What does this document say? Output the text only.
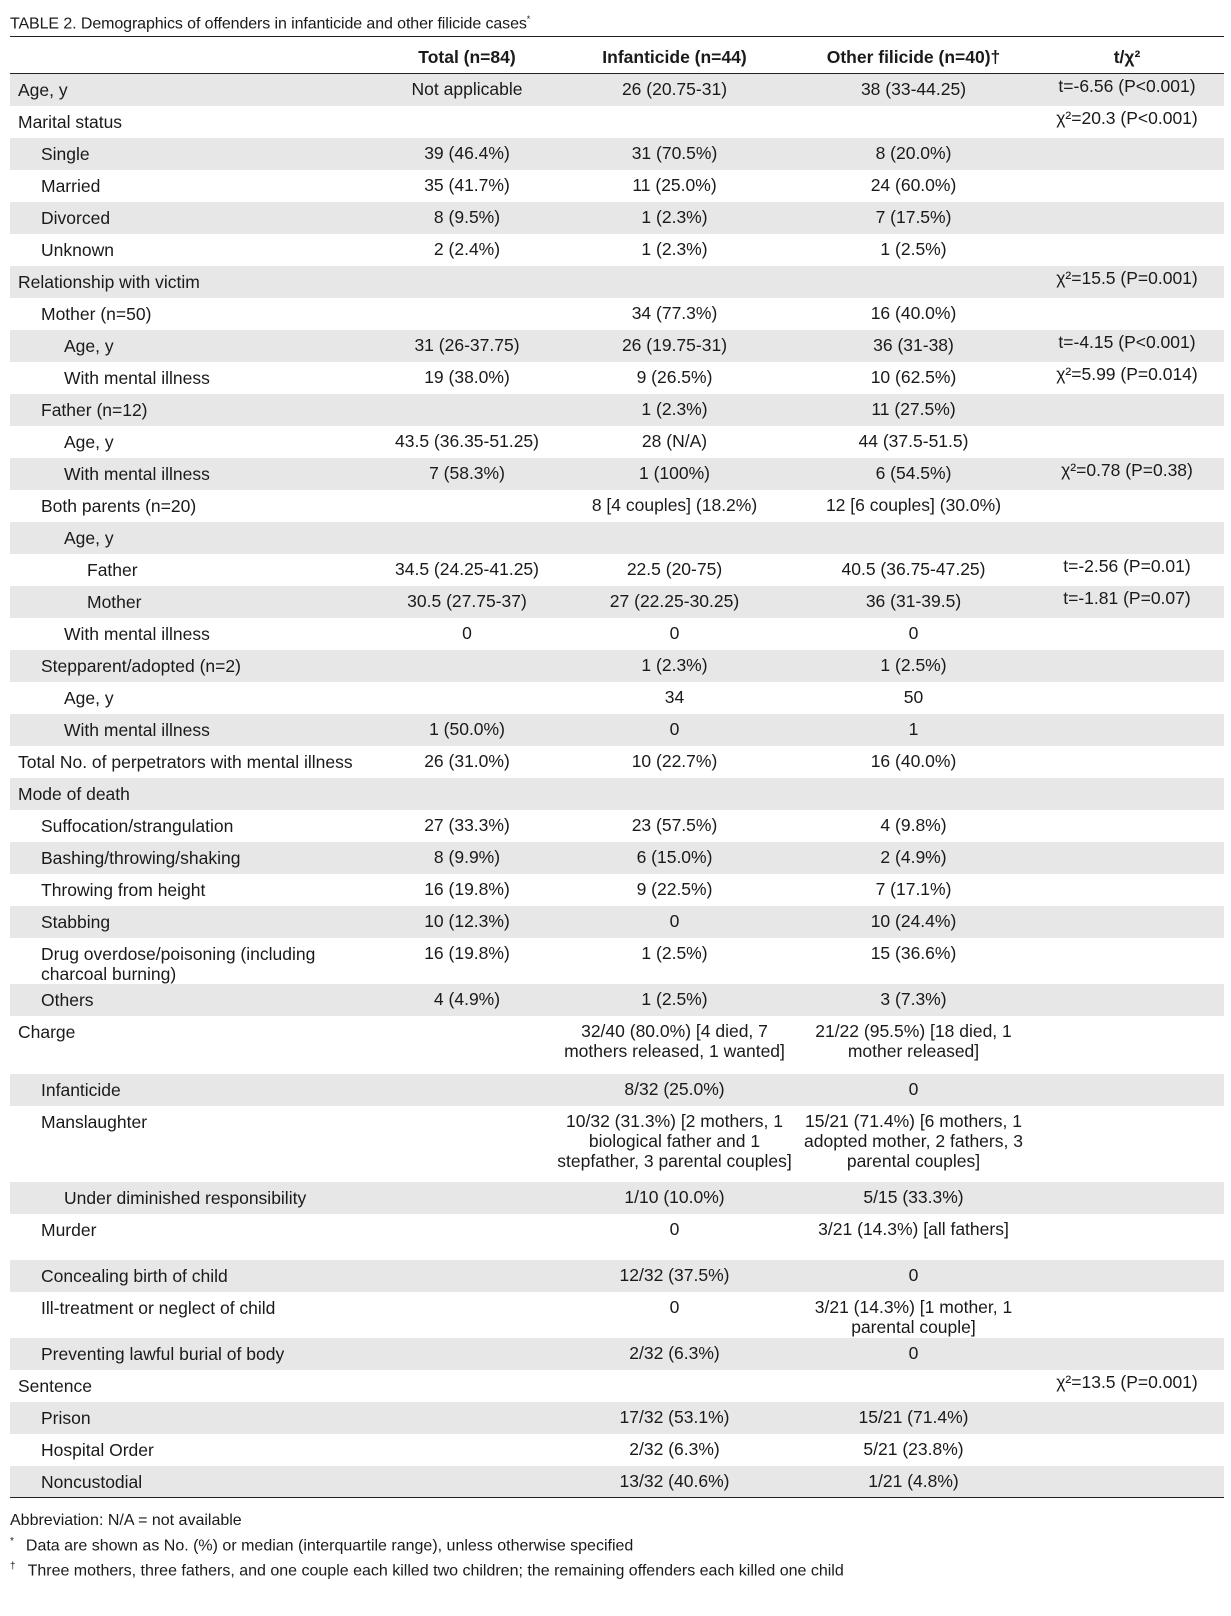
TABLE 2. Demographics of offenders in infanticide and other filicide cases*
	Total (n=84)	Infanticide (n=44)	Other filicide (n=40)†	t/χ²
Age, y	Not applicable	26 (20.75-31)	38 (33-44.25)	t=-6.56 (P<0.001)
Marital status				χ²=20.3 (P<0.001)
Single	39 (46.4%)	31 (70.5%)	8 (20.0%)	
Married	35 (41.7%)	11 (25.0%)	24 (60.0%)	
Divorced	8 (9.5%)	1 (2.3%)	7 (17.5%)	
Unknown	2 (2.4%)	1 (2.3%)	1 (2.5%)	
Relationship with victim				χ²=15.5 (P=0.001)
Mother (n=50)		34 (77.3%)	16 (40.0%)	
Age, y	31 (26-37.75)	26 (19.75-31)	36 (31-38)	t=-4.15 (P<0.001)
With mental illness	19 (38.0%)	9 (26.5%)	10 (62.5%)	χ²=5.99 (P=0.014)
Father (n=12)		1 (2.3%)	11 (27.5%)	
Age, y	43.5 (36.35-51.25)	28 (N/A)	44 (37.5-51.5)	
With mental illness	7 (58.3%)	1 (100%)	6 (54.5%)	χ²=0.78 (P=0.38)
Both parents (n=20)		8 [4 couples] (18.2%)	12 [6 couples] (30.0%)	
Age, y				
Father	34.5 (24.25-41.25)	22.5 (20-75)	40.5 (36.75-47.25)	t=-2.56 (P=0.01)
Mother	30.5 (27.75-37)	27 (22.25-30.25)	36 (31-39.5)	t=-1.81 (P=0.07)
With mental illness	0	0	0	
Stepparent/adopted (n=2)		1 (2.3%)	1 (2.5%)	
Age, y		34	50	
With mental illness	1 (50.0%)	0	1	
Total No. of perpetrators with mental illness	26 (31.0%)	10 (22.7%)	16 (40.0%)	
Mode of death				
Suffocation/strangulation	27 (33.3%)	23 (57.5%)	4 (9.8%)	
Bashing/throwing/shaking	8 (9.9%)	6 (15.0%)	2 (4.9%)	
Throwing from height	16 (19.8%)	9 (22.5%)	7 (17.1%)	
Stabbing	10 (12.3%)	0	10 (24.4%)	
Drug overdose/poisoning (including charcoal burning)	16 (19.8%)	1 (2.5%)	15 (36.6%)	
Others	4 (4.9%)	1 (2.5%)	3 (7.3%)	
Charge		32/40 (80.0%) [4 died, 7 mothers released, 1 wanted]	21/22 (95.5%) [18 died, 1 mother released]	
Infanticide		8/32 (25.0%)	0	
Manslaughter		10/32 (31.3%) [2 mothers, 1 biological father and 1 stepfather, 3 parental couples]	15/21 (71.4%) [6 mothers, 1 adopted mother, 2 fathers, 3 parental couples]	
Under diminished responsibility		1/10 (10.0%)	5/15 (33.3%)	
Murder		0	3/21 (14.3%) [all fathers]	
Concealing birth of child		12/32 (37.5%)	0	
Ill-treatment or neglect of child		0	3/21 (14.3%) [1 mother, 1 parental couple]	
Preventing lawful burial of body		2/32 (6.3%)	0	
Sentence				χ²=13.5 (P=0.001)
Prison		17/32 (53.1%)	15/21 (71.4%)	
Hospital Order		2/32 (6.3%)	5/21 (23.8%)	
Noncustodial		13/32 (40.6%)	1/21 (4.8%)	
Abbreviation: N/A = not available
* Data are shown as No. (%) or median (interquartile range), unless otherwise specified
† Three mothers, three fathers, and one couple each killed two children; the remaining offenders each killed one child
